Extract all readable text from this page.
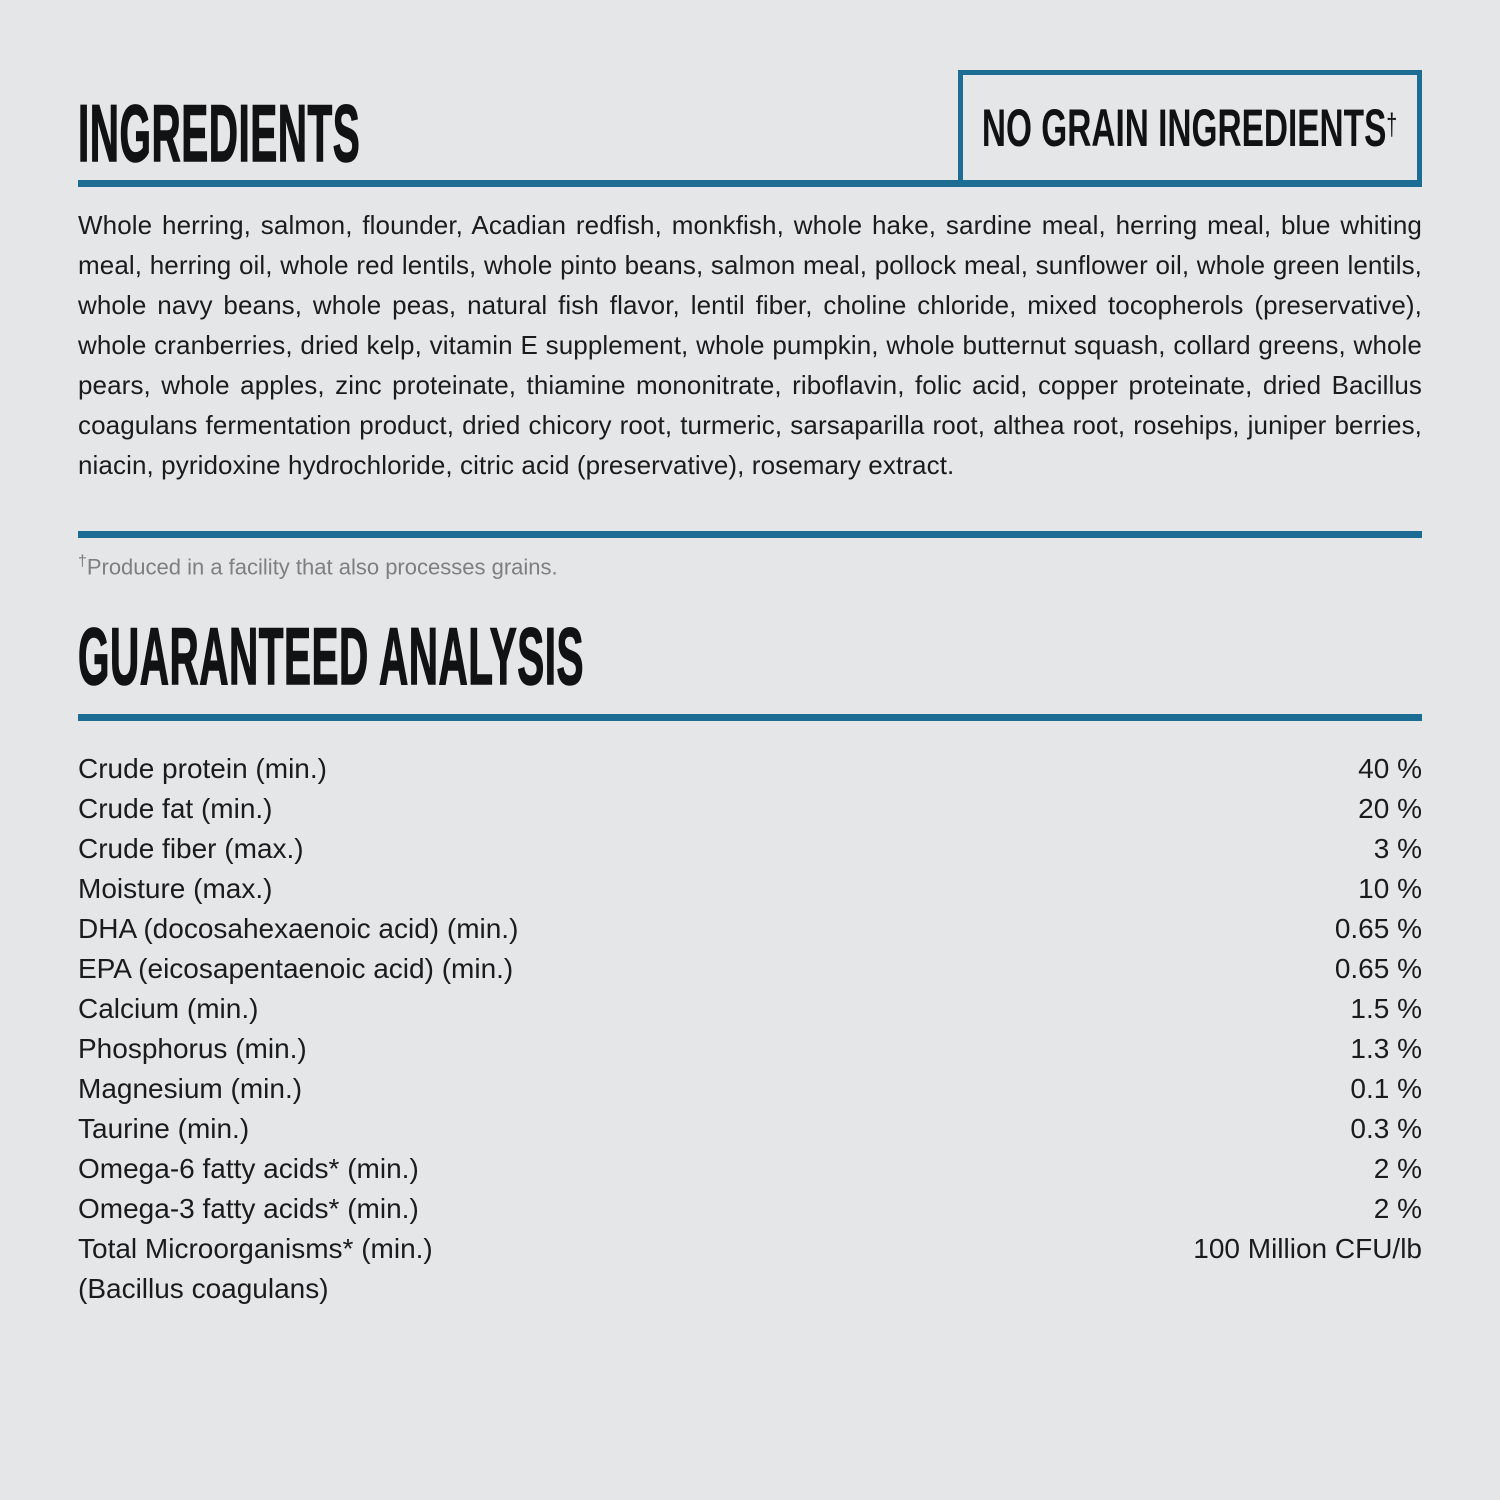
INGREDIENTS	NO GRAIN INGREDIENTS†

Whole herring, salmon, flounder, Acadian redfish, monkfish, whole hake, sardine meal, herring meal, blue whiting meal, herring oil, whole red lentils, whole pinto beans, salmon meal, pollock meal, sunflower oil, whole green lentils, whole navy beans, whole peas, natural fish flavor, lentil fiber, choline chloride, mixed tocopherols (preservative), whole cranberries, dried kelp, vitamin E supplement, whole pumpkin, whole butternut squash, collard greens, whole pears, whole apples, zinc proteinate, thiamine mononitrate, riboflavin, folic acid, copper proteinate, dried Bacillus coagulans fermentation product, dried chicory root, turmeric, sarsaparilla root, althea root, rosehips, juniper berries, niacin, pyridoxine hydrochloride, citric acid (preservative), rosemary extract.

†Produced in a facility that also processes grains.

GUARANTEED ANALYSIS
Crude protein (min.)	40 %
Crude fat (min.)	20 %
Crude fiber (max.)	3 %
Moisture (max.)	10 %
DHA (docosahexaenoic acid) (min.)	0.65 %
EPA (eicosapentaenoic acid) (min.)	0.65 %
Calcium (min.)	1.5 %
Phosphorus (min.)	1.3 %
Magnesium (min.)	0.1 %
Taurine (min.)	0.3 %
Omega-6 fatty acids* (min.)	2 %
Omega-3 fatty acids* (min.)	2 %
Total Microorganisms* (min.)	100 Million CFU/lb
(Bacillus coagulans)
